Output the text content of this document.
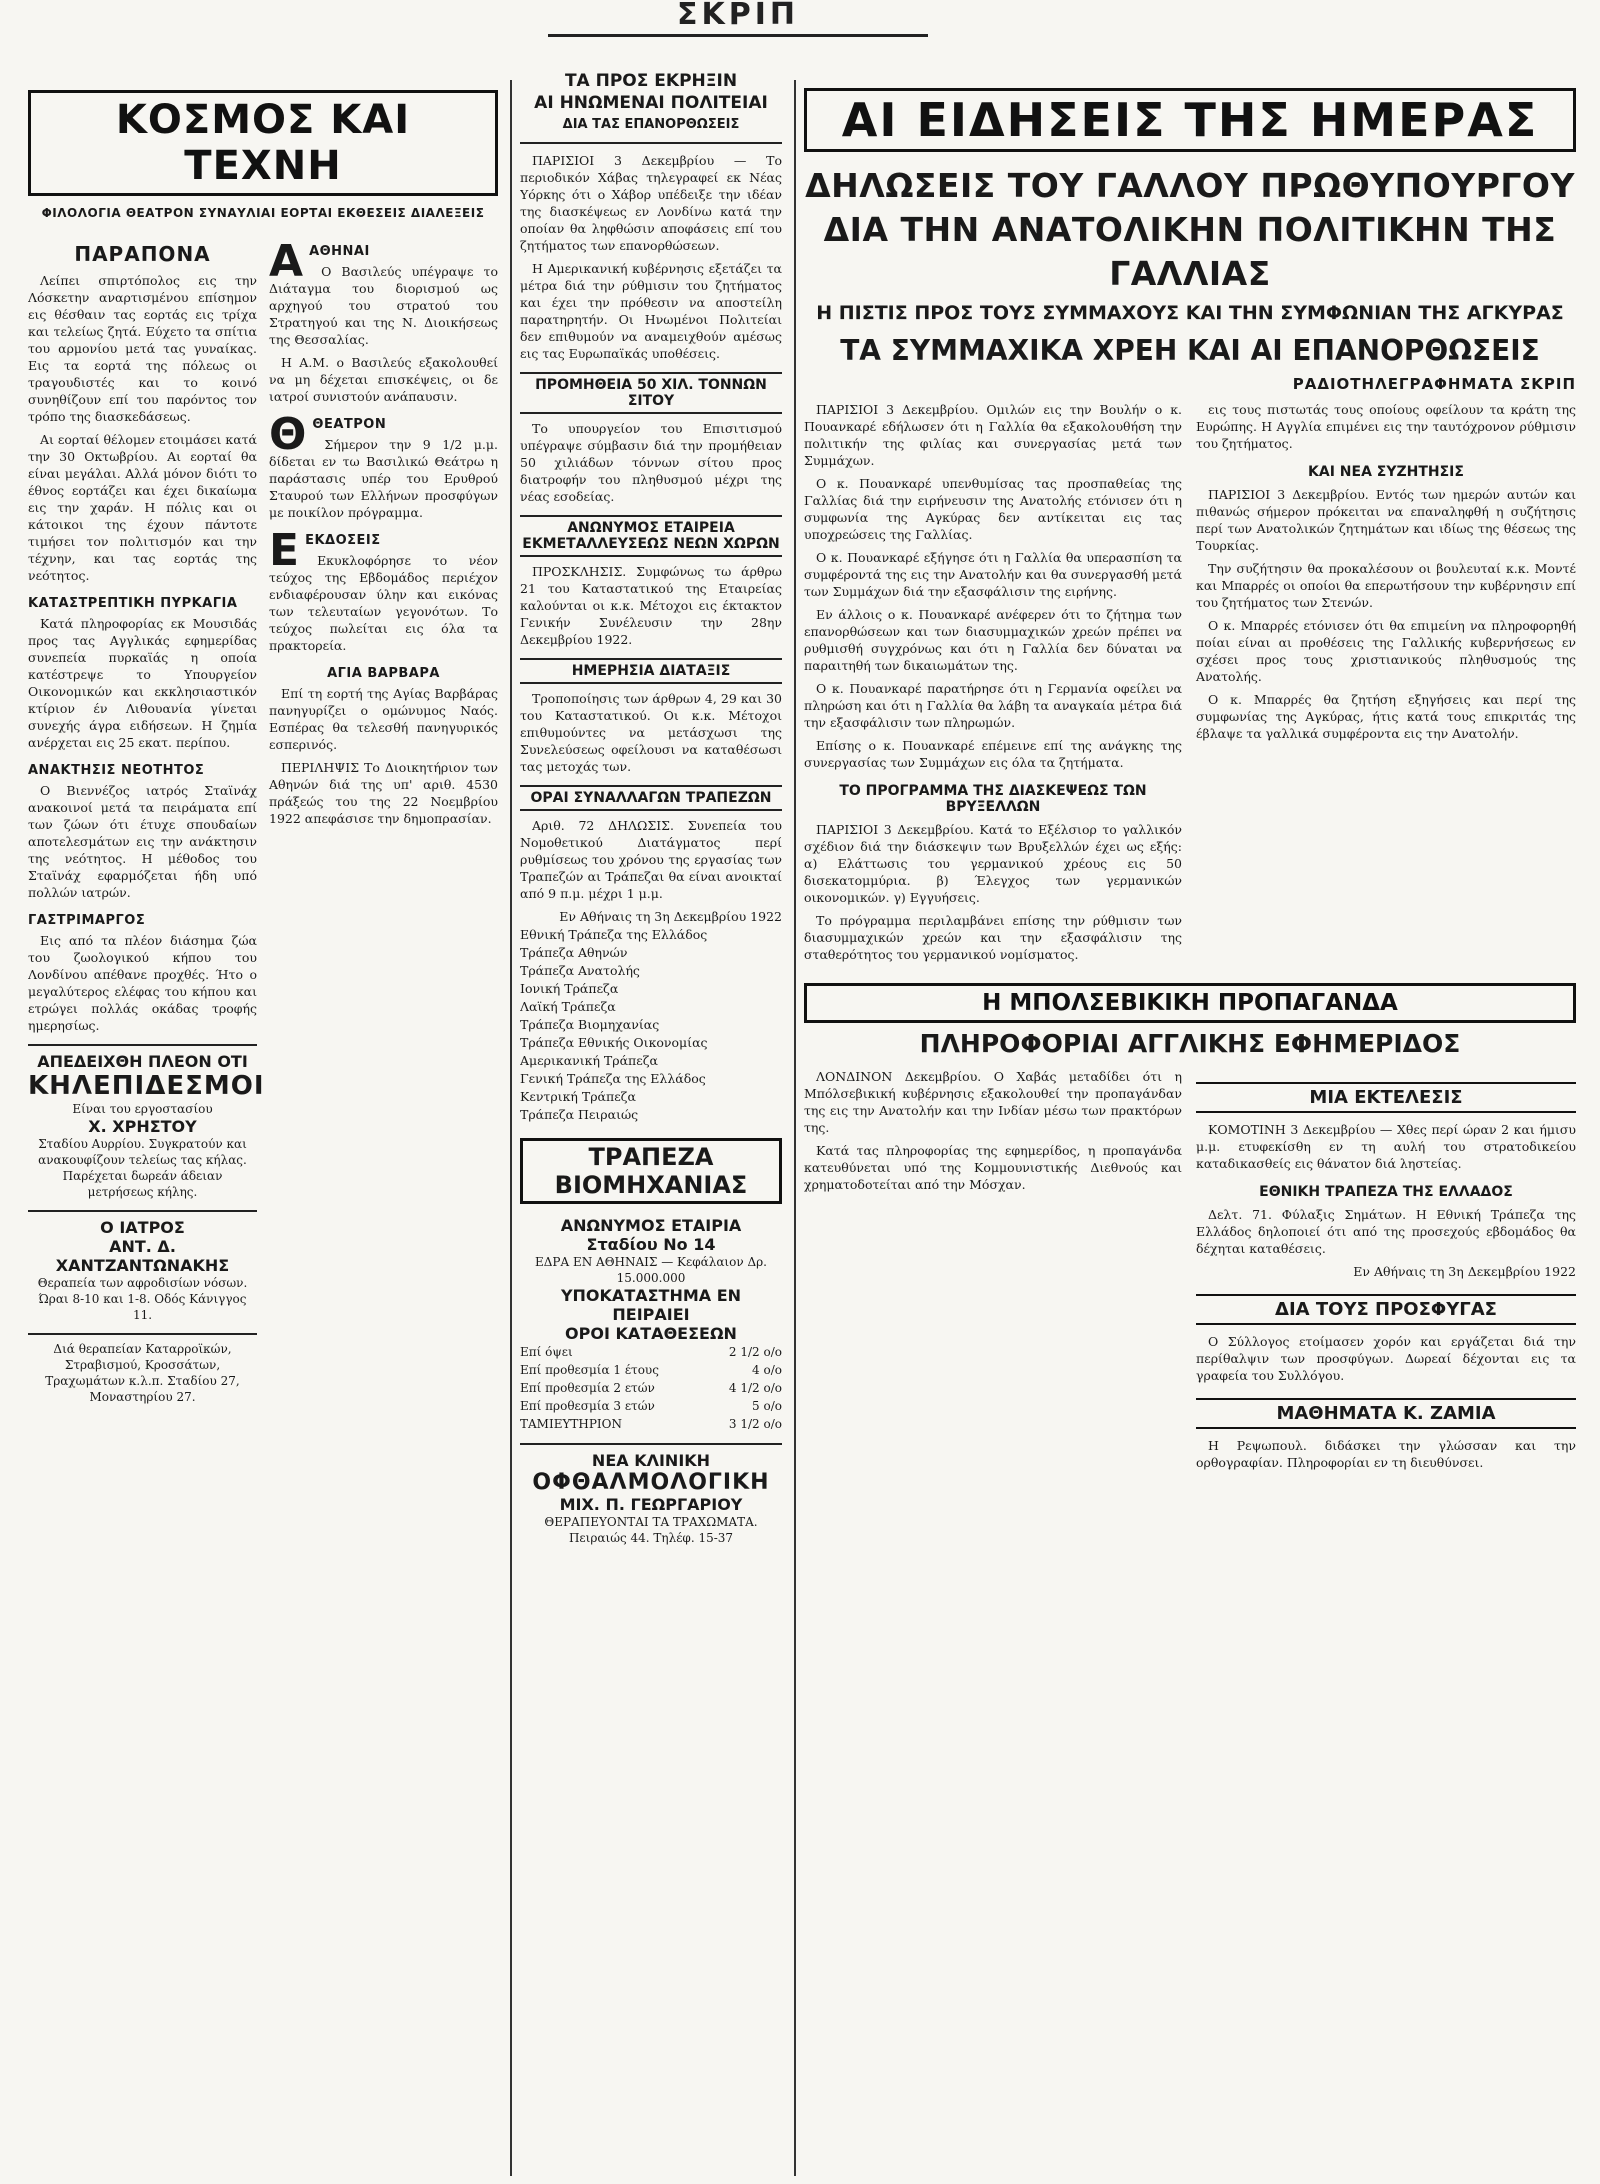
ΣΚΡΙΠ
ΚΟΣΜΟΣ ΚΑΙ ΤΕΧΝΗ
ΦΙΛΟΛΟΓΙΑ ΘΕΑΤΡΟΝ ΣΥΝΑΥΛΙΑΙ ΕΟΡΤΑΙ ΕΚΘΕΣΕΙΣ ΔΙΑΛΕΞΕΙΣ
ΠΑΡΑΠΟΝΑ

Λείπει σπιρτόπολος εις την Λόσκετην αναρτισμένου επίσημον εις θέσθαιν τας εορτάς εις τρίχα και τελείως ζητά. Εύχετο τα σπίτια του αρμονίου μετά τας γυναίκας. Εις τα εορτά της πόλεως οι τραγουδιστές και το κοινό συνηθίζουν επί του παρόντος τον τρόπο της διασκεδάσεως.

Αι εορταί θέλομεν ετοιμάσει κατά την 30 Οκτωβρίου. Αι εορταί θα είναι μεγάλαι. Αλλά μόνον διότι το έθνος εορτάζει και έχει δικαίωμα εις την χαράν. Η πόλις και οι κάτοικοι της έχουν πάντοτε τιμήσει τον πολιτισμόν και την τέχνην, και τας εορτάς της νεότητος.

ΚΑΤΑΣΤΡΕΠΤΙΚΗ ΠΥΡΚΑΓΙΑ

Κατά πληροφορίας εκ Μουσιδάς προς τας Αγγλικάς εφημερίδας συνεπεία πυρκαϊάς η οποία κατέστρεψε το Υπουργείον Οικονομικών και εκκλησιαστικόν κτίριον έν Λιθουανία γίνεται συνεχής άγρα ειδήσεων. Η ζημία ανέρχεται εις 25 εκατ. περίπου.

ΑΝΑΚΤΗΣΙΣ ΝΕΟΤΗΤΟΣ

Ο Βιεννέζος ιατρός Σταϊνάχ ανακοινοί μετά τα πειράματα επί των ζώων ότι έτυχε σπουδαίων αποτελεσμάτων εις την ανάκτησιν της νεότητος. Η μέθοδος του Σταϊνάχ εφαρμόζεται ήδη υπό πολλών ιατρών.

ΓΑΣΤΡΙΜΑΡΓΟΣ

Εις από τα πλέον διάσημα ζώα του ζωολογικού κήπου του Λονδίνου απέθανε προχθές. Ήτο ο μεγαλύτερος ελέφας του κήπου και ετρώγει πολλάς οκάδας τροφής ημερησίως.

ΑΠΕΔΕΙΧΘΗ ΠΛΕΟΝ ΟΤΙ
ΚΗΛΕΠΙΔΕΣΜΟΙ
Είναι του εργοστασίου
Χ. ΧΡΗΣΤΟΥ
Σταδίου Αυρρίου. Συγκρατούν και ανακουφίζουν τελείως τας κήλας. Παρέχεται δωρεάν άδειαν μετρήσεως κήλης.
Ο ΙΑΤΡΟΣ
ΑΝΤ. Δ. ΧΑΝΤΖΑΝΤΩΝΑΚΗΣ
Θεραπεία των αφροδισίων νόσων. Ώραι 8-10 και 1-8. Οδός Κάνιγγος 11.
Διά θεραπείαν Καταρροϊκών, Στραβισμού, Κροσσάτων, Τραχωμάτων κ.λ.π. Σταδίου 27, Μοναστηρίου 27.
Α ΑΘΗΝΑΙ

Ο Βασιλεύς υπέγραψε το Διάταγμα του διορισμού ως αρχηγού του στρατού του Στρατηγού και της Ν. Διοικήσεως της Θεσσαλίας.

Η Α.Μ. ο Βασιλεύς εξακολουθεί να μη δέχεται επισκέψεις, οι δε ιατροί συνιστούν ανάπαυσιν.

Θ ΘΕΑΤΡΟΝ

Σήμερον την 9 1/2 μ.μ. δίδεται εν τω Βασιλικώ Θεάτρω η παράστασις υπέρ του Ερυθρού Σταυρού των Ελλήνων προσφύγων με ποικίλον πρόγραμμα.

Ε ΕΚΔΟΣΕΙΣ

Εκυκλοφόρησε το νέον τεύχος της Εβδομάδος περιέχον ενδιαφέρουσαν ύλην και εικόνας των τελευταίων γεγονότων. Το τεύχος πωλείται εις όλα τα πρακτορεία.

ΑΓΙΑ ΒΑΡΒΑΡΑ

Επί τη εορτή της Αγίας Βαρβάρας πανηγυρίζει ο ομώνυμος Ναός. Εσπέρας θα τελεσθή πανηγυρικός εσπερινός.

ΠΕΡΙΛΗΨΙΣ Το Διοικητήριον των Αθηνών διά της υπ' αριθ. 4530 πράξεώς του της 22 Νοεμβρίου 1922 απεφάσισε την δημοπρασίαν.

ΤΑ ΠΡΟΣ ΕΚΡΗΞΙΝ
ΑΙ ΗΝΩΜΕΝΑΙ ΠΟΛΙΤΕΙΑΙ
ΔΙΑ ΤΑΣ ΕΠΑΝΟΡΘΩΣΕΙΣ

ΠΑΡΙΣΙΟΙ 3 Δεκεμβρίου — Το περιοδικόν Χάβας τηλεγραφεί εκ Νέας Υόρκης ότι ο Χάβορ υπέδειξε την ιδέαν της διασκέψεως εν Λονδίνω κατά την οποίαν θα ληφθώσιν αποφάσεις επί του ζητήματος των επανορθώσεων.

Η Αμερικανική κυβέρνησις εξετάζει τα μέτρα διά την ρύθμισιν του ζητήματος και έχει την πρόθεσιν να αποστείλη παρατηρητήν. Οι Ηνωμένοι Πολιτείαι δεν επιθυμούν να αναμειχθούν αμέσως εις τας Ευρωπαϊκάς υποθέσεις.

ΠΡΟΜΗΘΕΙΑ 50 ΧΙΛ. ΤΟΝΝΩΝ ΣΙΤΟΥ

Το υπουργείον του Επισιτισμού υπέγραψε σύμβασιν διά την προμήθειαν 50 χιλιάδων τόννων σίτου προς διατροφήν του πληθυσμού μέχρι της νέας εσοδείας.

ΑΝΩΝΥΜΟΣ ΕΤΑΙΡΕΙΑ ΕΚΜΕΤΑΛΛΕΥΣΕΩΣ ΝΕΩΝ ΧΩΡΩΝ

ΠΡΟΣΚΛΗΣΙΣ. Συμφώνως τω άρθρω 21 του Καταστατικού της Εταιρείας καλούνται οι κ.κ. Μέτοχοι εις έκτακτον Γενικήν Συνέλευσιν την 28ην Δεκεμβρίου 1922.

ΗΜΕΡΗΣΙΑ ΔΙΑΤΑΞΙΣ

Τροποποίησις των άρθρων 4, 29 και 30 του Καταστατικού. Οι κ.κ. Μέτοχοι επιθυμούντες να μετάσχωσι της Συνελεύσεως οφείλουσι να καταθέσωσι τας μετοχάς των.

ΟΡΑΙ ΣΥΝΑΛΛΑΓΩΝ ΤΡΑΠΕΖΩΝ

Αριθ. 72 ΔΗΛΩΣΙΣ. Συνεπεία του Νομοθετικού Διατάγματος περί ρυθμίσεως του χρόνου της εργασίας των Τραπεζών αι Τράπεζαι θα είναι ανοικταί από 9 π.μ. μέχρι 1 μ.μ.

Εν Αθήναις τη 3η Δεκεμβρίου 1922
Εθνική Τράπεζα της Ελλάδος
Τράπεζα Αθηνών
Τράπεζα Ανατολής
Ιονική Τράπεζα
Λαϊκή Τράπεζα
Τράπεζα Βιομηχανίας
Τράπεζα Εθνικής Οικονομίας
Αμερικανική Τράπεζα
Γενική Τράπεζα της Ελλάδος
Κεντρική Τράπεζα
Τράπεζα Πειραιώς
ΤΡΑΠΕΖΑ ΒΙΟΜΗΧΑΝΙΑΣ
ΑΝΩΝΥΜΟΣ ΕΤΑΙΡΙΑ
Σταδίου Νο 14
ΕΔΡΑ ΕΝ ΑΘΗΝΑΙΣ — Κεφάλαιον Δρ. 15.000.000
ΥΠΟΚΑΤΑΣΤΗΜΑ ΕΝ ΠΕΙΡΑΙΕΙ
ΟΡΟΙ ΚΑΤΑΘΕΣΕΩΝ
Επί όψει	2 1/2 ο/ο
Επί προθεσμία 1 έτους	4 ο/ο
Επί προθεσμία 2 ετών	4 1/2 ο/ο
Επί προθεσμία 3 ετών	5 ο/ο
ΤΑΜΙΕΥΤΗΡΙΟΝ	3 1/2 ο/ο
ΝΕΑ ΚΛΙΝΙΚΗ
ΟΦΘΑΛΜΟΛΟΓΙΚΗ
ΜΙΧ. Π. ΓΕΩΡΓΑΡΙΟΥ
ΘΕΡΑΠΕΥΟΝΤΑΙ ΤΑ ΤΡΑΧΩΜΑΤΑ. Πειραιώς 44. Τηλέφ. 15-37
ΑΙ ΕΙΔΗΣΕΙΣ ΤΗΣ ΗΜΕΡΑΣ
ΔΗΛΩΣΕΙΣ ΤΟΥ ΓΑΛΛΟΥ ΠΡΩΘΥΠΟΥΡΓΟΥ ΔΙΑ ΤΗΝ ΑΝΑΤΟΛΙΚΗΝ ΠΟΛΙΤΙΚΗΝ ΤΗΣ ΓΑΛΛΙΑΣ
Η ΠΙΣΤΙΣ ΠΡΟΣ ΤΟΥΣ ΣΥΜΜΑΧΟΥΣ ΚΑΙ ΤΗΝ ΣΥΜΦΩΝΙΑΝ ΤΗΣ ΑΓΚΥΡΑΣ
ΤΑ ΣΥΜΜΑΧΙΚΑ ΧΡΕΗ ΚΑΙ ΑΙ ΕΠΑΝΟΡΘΩΣΕΙΣ
ΡΑΔΙΟΤΗΛΕΓΡΑΦΗΜΑΤΑ ΣΚΡΙΠ

ΠΑΡΙΣΙΟΙ 3 Δεκεμβρίου. Ομιλών εις την Βουλήν ο κ. Πουανκαρέ εδήλωσεν ότι η Γαλλία θα εξακολουθήση την πολιτικήν της φιλίας και συνεργασίας μετά των Συμμάχων.

Ο κ. Πουανκαρέ υπενθυμίσας τας προσπαθείας της Γαλλίας διά την ειρήνευσιν της Ανατολής ετόνισεν ότι η συμφωνία της Αγκύρας δεν αντίκειται εις τας υποχρεώσεις της Γαλλίας.

Ο κ. Πουανκαρέ εξήγησε ότι η Γαλλία θα υπερασπίση τα συμφέροντά της εις την Ανατολήν και θα συνεργασθή μετά των Συμμάχων διά την εξασφάλισιν της ειρήνης.

Εν άλλοις ο κ. Πουανκαρέ ανέφερεν ότι το ζήτημα των επανορθώσεων και των διασυμμαχικών χρεών πρέπει να ρυθμισθή συγχρόνως και ότι η Γαλλία δεν δύναται να παραιτηθή των δικαιωμάτων της.

Ο κ. Πουανκαρέ παρατήρησε ότι η Γερμανία οφείλει να πληρώση και ότι η Γαλλία θα λάβη τα αναγκαία μέτρα διά την εξασφάλισιν των πληρωμών.

Επίσης ο κ. Πουανκαρέ επέμεινε επί της ανάγκης της συνεργασίας των Συμμάχων εις όλα τα ζητήματα.

ΤΟ ΠΡΟΓΡΑΜΜΑ ΤΗΣ ΔΙΑΣΚΕΨΕΩΣ ΤΩΝ ΒΡΥΞΕΛΛΩΝ

ΠΑΡΙΣΙΟΙ 3 Δεκεμβρίου. Κατά το Εξέλσιορ το γαλλικόν σχέδιον διά την διάσκεψιν των Βρυξελλών έχει ως εξής: α) Ελάττωσις του γερμανικού χρέους εις 50 δισεκατομμύρια. β) Έλεγχος των γερμανικών οικονομικών. γ) Εγγυήσεις.

Το πρόγραμμα περιλαμβάνει επίσης την ρύθμισιν των διασυμμαχικών χρεών και την εξασφάλισιν της σταθερότητος του γερμανικού νομίσματος.

εις τους πιστωτάς τους οποίους οφείλουν τα κράτη της Ευρώπης. Η Αγγλία επιμένει εις την ταυτόχρονον ρύθμισιν του ζητήματος.

ΚΑΙ ΝΕΑ ΣΥΖΗΤΗΣΙΣ

ΠΑΡΙΣΙΟΙ 3 Δεκεμβρίου. Εντός των ημερών αυτών και πιθανώς σήμερον πρόκειται να επαναληφθή η συζήτησις περί των Ανατολικών ζητημάτων και ιδίως της θέσεως της Τουρκίας.

Την συζήτησιν θα προκαλέσουν οι βουλευταί κ.κ. Μοντέ και Μπαρρές οι οποίοι θα επερωτήσουν την κυβέρνησιν επί του ζητήματος των Στενών.

Ο κ. Μπαρρές ετόνισεν ότι θα επιμείνη να πληροφορηθή ποίαι είναι αι προθέσεις της Γαλλικής κυβερνήσεως εν σχέσει προς τους χριστιανικούς πληθυσμούς της Ανατολής.

Ο κ. Μπαρρές θα ζητήση εξηγήσεις και περί της συμφωνίας της Αγκύρας, ήτις κατά τους επικριτάς της έβλαψε τα γαλλικά συμφέροντα εις την Ανατολήν.

Η ΜΠΟΛΣΕΒΙΚΙΚΗ ΠΡΟΠΑΓΑΝΔΑ
ΠΛΗΡΟΦΟΡΙΑΙ ΑΓΓΛΙΚΗΣ ΕΦΗΜΕΡΙΔΟΣ

ΛΟΝΔΙΝΟΝ Δεκεμβρίου. Ο Χαβάς μεταδίδει ότι η Μπόλσεβικική κυβέρνησις εξακολουθεί την προπαγάνδαν της εις την Ανατολήν και την Ινδίαν μέσω των πρακτόρων της.

Κατά τας πληροφορίας της εφημερίδος, η προπαγάνδα κατευθύνεται υπό της Κομμουνιστικής Διεθνούς και χρηματοδοτείται από την Μόσχαν.

ΜΙΑ ΕΚΤΕΛΕΣΙΣ

ΚΟΜΟΤΙΝΗ 3 Δεκεμβρίου — Χθες περί ώραν 2 και ήμισυ μ.μ. ετυφεκίσθη εν τη αυλή του στρατοδικείου καταδικασθείς εις θάνατον διά ληστείας.

ΕΘΝΙΚΗ ΤΡΑΠΕΖΑ ΤΗΣ ΕΛΛΑΔΟΣ

Δελτ. 71. Φύλαξις Σημάτων. Η Εθνική Τράπεζα της Ελλάδος δηλοποιεί ότι από της προσεχούς εβδομάδος θα δέχηται καταθέσεις.

Εν Αθήναις τη 3η Δεκεμβρίου 1922

ΔΙΑ ΤΟΥΣ ΠΡΟΣΦΥΓΑΣ

Ο Σύλλογος ετοίμασεν χορόν και εργάζεται διά την περίθαλψιν των προσφύγων. Δωρεαί δέχονται εις τα γραφεία του Συλλόγου.

ΜΑΘΗΜΑΤΑ Κ. ΖΑΜΙΑ

Η Ρεψωπουλ. διδάσκει την γλώσσαν και την ορθογραφίαν. Πληροφορίαι εν τη διευθύνσει.
